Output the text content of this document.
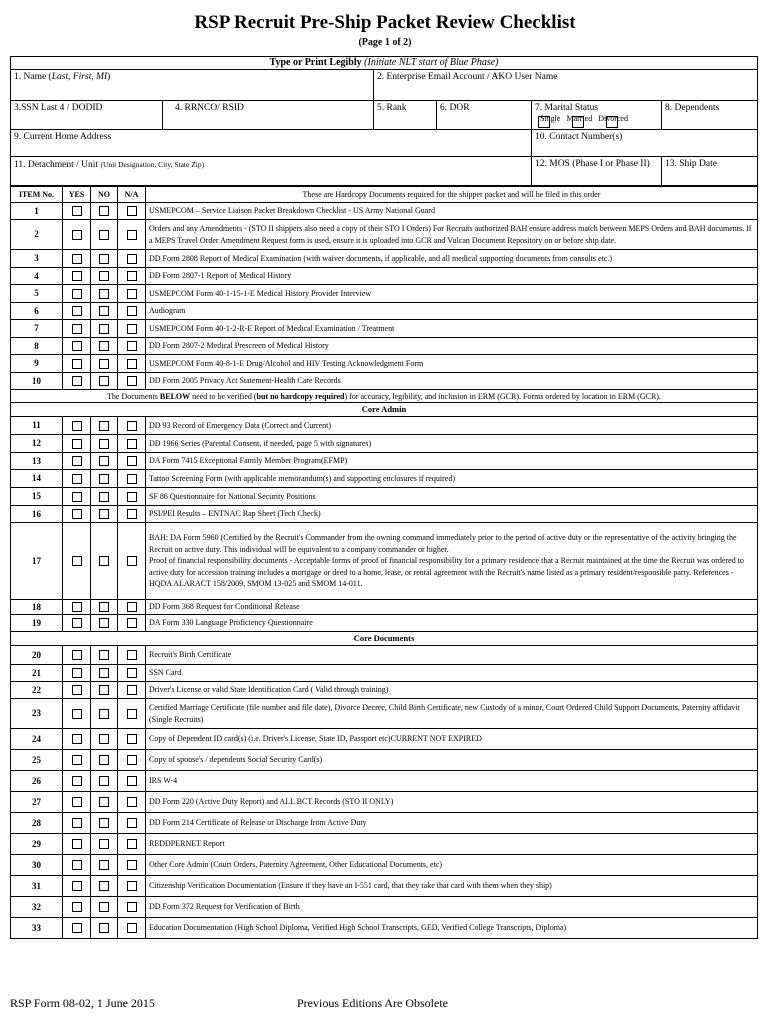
RSP Recruit Pre-Ship Packet Review Checklist
(Page 1 of 2)
Type or Print Legibly (Initiate NLT start of Blue Phase)					
1. Name (Last, First, MI)		2. Enterprise Email Account / AKO User Name			
3.SSN Last 4 / DODID	4. RRNCO/ RSID	5. Rank	6. DOR	7. Marital Status
Single Married Divorced	8. Dependents
9. Current Home Address				10. Contact Number(s)	
11. Detachment / Unit (Unit Designation, City, State Zip)				12. MOS (Phase I or Phase II)	13. Ship Date
ITEM No.	YES	NO	N/A	These are Hardcopy Documents required for the shipper packet and will be filed in this order
1				USMEPCOM – Service Liaison Packet Breakdown Checklist - US Army National Guard

2				Orders and any Amendments - (STO II shippers also need a copy of their STO I Orders) For Recruits authorized BAH ensure address match between MEPS Orders and BAH documents. If a MEPS Travel Order Amendment Request form is used, ensure it is uploaded into GCR and Vulcan Document Repository on or before ship date.

3				DD Form 2808 Report of Medical Examination (with waiver documents, if applicable, and all medical supporting documents from consults etc.)

4				DD Form 2807-1 Report of Medical History

5				USMEPCOM Form 40-1-15-1-E Medical History Provider Interview

6				Audiogram

7				USMEPCOM Form 40-1-2-R-E Report of Medical Examination / Treatment

8				DD Form 2807-2 Medical Prescreen of Medical History

9				USMEPCOM Form 40-8-1-E Drug/Alcohol and HIV Testing Acknowledgment Form

10				DD Form 2005 Privacy Act Statement-Health Care Records

The Documents BELOW need to be verified (but no hardcopy required) for accuracy, legibility, and inclusion in ERM (GCR). Forms ordered by location in ERM (GCR).				
Core Admin				
11				DD 93 Record of Emergency Data (Correct and Current)

12				DD 1966 Series (Parental Consent, if needed, page 5 with signatures)

13				DA Form 7415 Exceptional Family Member Program(EFMP)

14				Tattoo Screening Form (with applicable memorandum(s) and supporting enclosures if required)

15				SF 86 Questionnaire for National Security Positions

16				PSI/PEI Results – ENTNAC Rap Sheet (Tech Check)

17				BAH: DA Form 5960 (Certified by the Recruit's Commander from the owning command immediately prior to the period of active duty or the representative of the activity bringing the Recruit on active duty. This individual will be equivalent to a company commander or higher.
Proof of financial responsibility documents - Acceptable forms of proof of financial responsibility for a primary residence that a Recruit maintained at the time the Recruit was ordered to active duty for accession training includes a mortgage or deed to a home, lease, or rental agreement with the Recruit's name listed as a primary resident/responsible party. References - HQDA ALARACT 158/2009, SMOM 13-025 and SMOM 14-011.

18				DD Form 368 Request for Conditional Release

19				DA Form 330 Language Proficiency Questionnaire

Core Documents				
20				Recruit's Birth Certificate

21				SSN Card

22				Driver's License or valid State Identification Card ( Valid through training)

23				Certified Marriage Certificate (file number and file date), Divorce Decree, Child Birth Certificate, new Custody of a minor, Court Ordered Child Support Documents, Paternity affidavit (Single Recruits)

24				Copy of Dependent ID card(s) (i.e. Driver's License, State ID, Passport etc)CURRENT NOT EXPIRED

25				Copy of spouse's / dependents Social Security Card(s)

26				IRS W-4

27				DD Form 220 (Active Duty Report) and ALL BCT Records (STO II ONLY)

28				DD Form 214 Certificate of Release or Discharge from Active Duty

29				REDDPERNET Report

30				Other Core Admin (Court Orders, Paternity Agreement, Other Educational Documents, etc)

31				Citizenship Verification Documentation (Ensure if they have an I-551 card, that they take that card with them when they ship)

32				DD Form 372 Request for Verification of Birth

33				Education Documentation (High School Diploma, Verified High School Transcripts, GED, Verified College Transcripts, Diploma)
RSP Form 08-02, 1 June 2015	Previous Editions Are Obsolete
